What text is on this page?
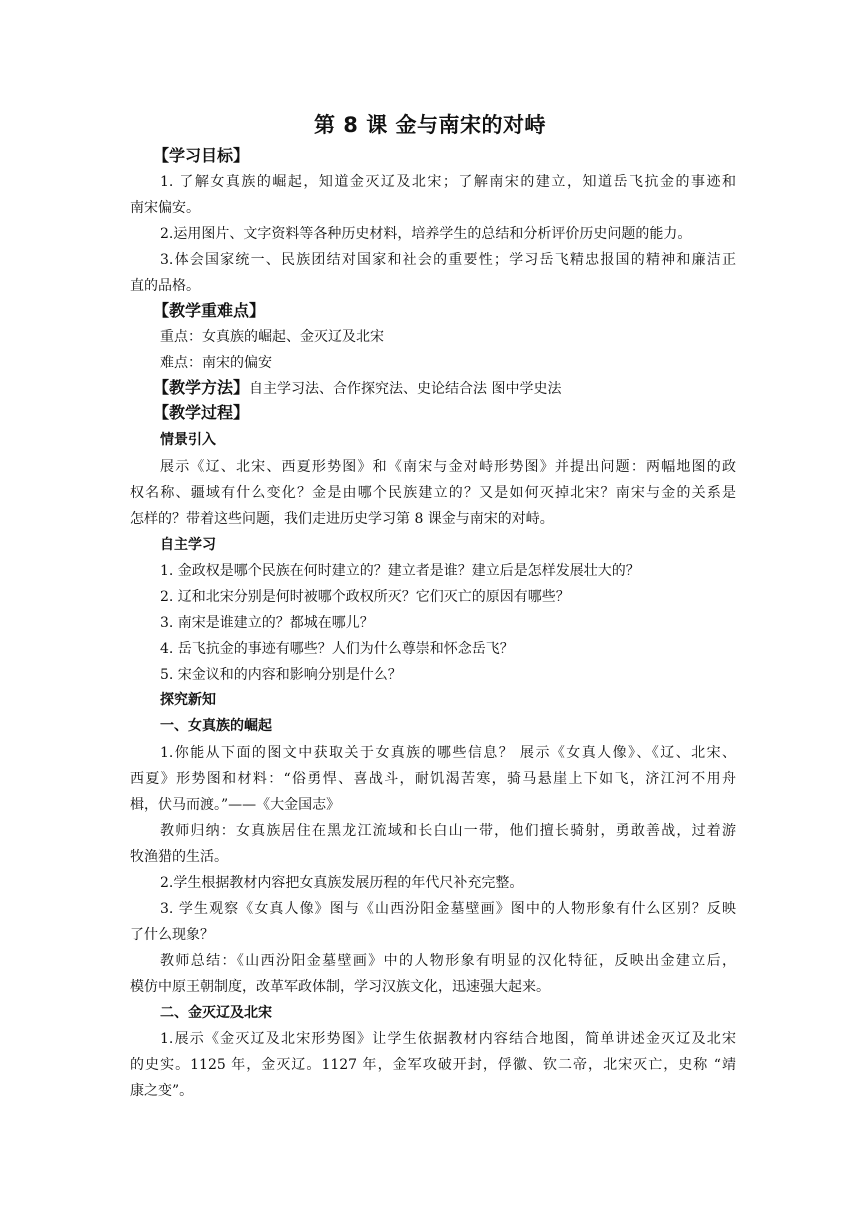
第 8 课 金与南宋的对峙
【学习目标】
1. 了解女真族的崛起，知道金灭辽及北宋；了解南宋的建立，知道岳飞抗金的事迹和
南宋偏安。
2.运用图片、文字资料等各种历史材料，培养学生的总结和分析评价历史问题的能力。
3.体会国家统一、民族团结对国家和社会的重要性；学习岳飞精忠报国的精神和廉洁正
直的品格。
【教学重难点】
重点：女真族的崛起、金灭辽及北宋
难点：南宋的偏安
【教学方法】自主学习法、合作探究法、史论结合法 图中学史法
【教学过程】
情景引入
展示《辽、北宋、西夏形势图》和《南宋与金对峙形势图》并提出问题：两幅地图的政
权名称、疆域有什么变化？金是由哪个民族建立的？又是如何灭掉北宋？南宋与金的关系是
怎样的？带着这些问题，我们走进历史学习第 8 课金与南宋的对峙。
自主学习
1. 金政权是哪个民族在何时建立的？建立者是谁？建立后是怎样发展壮大的？
2. 辽和北宋分别是何时被哪个政权所灭？它们灭亡的原因有哪些？
3. 南宋是谁建立的？都城在哪儿？
4. 岳飞抗金的事迹有哪些？人们为什么尊崇和怀念岳飞？
5. 宋金议和的内容和影响分别是什么？
探究新知
一、女真族的崛起
1.你能从下面的图文中获取关于女真族的哪些信息？ 展示《女真人像》、《辽、北宋、
西夏》形势图和材料：“俗勇悍、喜战斗，耐饥渴苦寒，骑马悬崖上下如飞，济江河不用舟
楫，伏马而渡。”——《大金国志》
教师归纳：女真族居住在黑龙江流域和长白山一带，他们擅长骑射，勇敢善战，过着游
牧渔猎的生活。
2.学生根据教材内容把女真族发展历程的年代尺补充完整。
3. 学生观察《女真人像》图与《山西汾阳金墓壁画》图中的人物形象有什么区别？反映
了什么现象？
教师总结：《山西汾阳金墓壁画》中的人物形象有明显的汉化特征，反映出金建立后，
模仿中原王朝制度，改革军政体制，学习汉族文化，迅速强大起来。
二、金灭辽及北宋
1.展示《金灭辽及北宋形势图》让学生依据教材内容结合地图，简单讲述金灭辽及北宋
的史实。1125 年，金灭辽。1127 年，金军攻破开封，俘徽、钦二帝，北宋灭亡，史称 “靖
康之变”。
